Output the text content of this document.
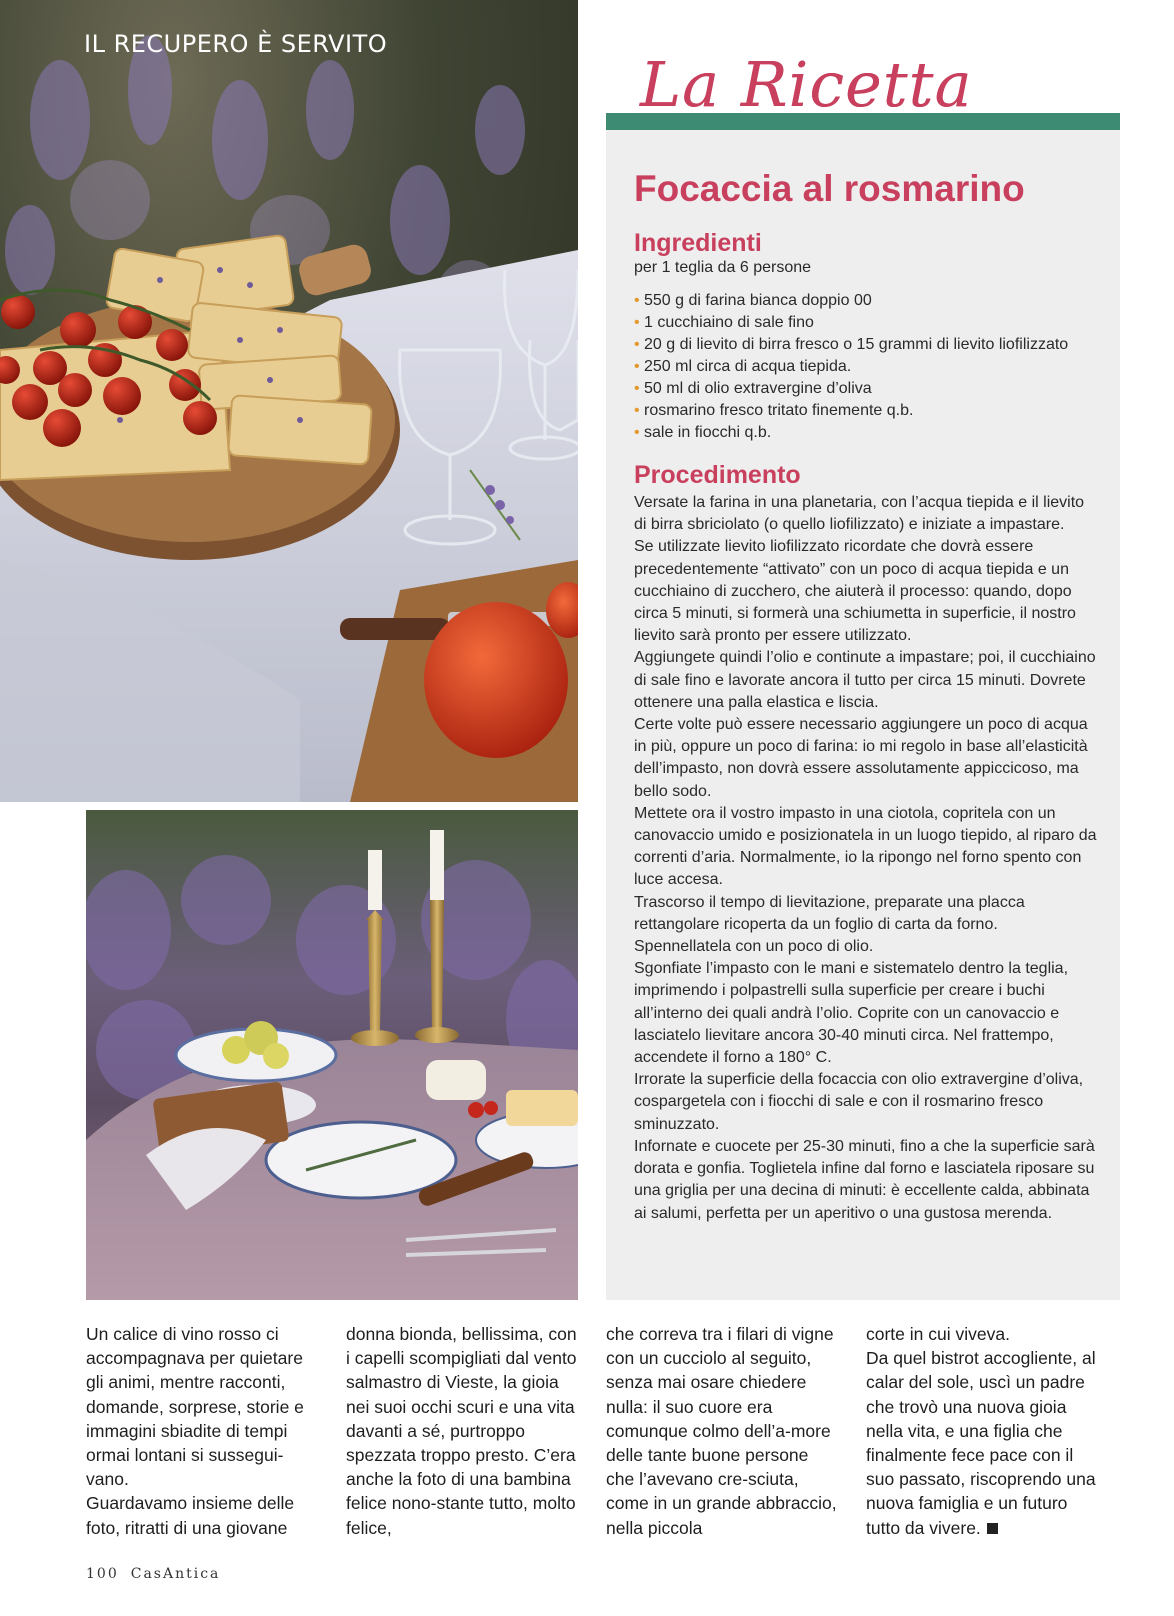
IL RECUPERO È SERVITO
La Ricetta
Focaccia al rosmarino
Ingredienti
per 1 teglia da 6 persone
• 550 g di farina bianca doppio 00
• 1 cucchiaino di sale fino
• 20 g di lievito di birra fresco o 15 grammi di lievito liofilizzato
• 250 ml circa di acqua tiepida.
• 50 ml di olio extravergine d’oliva
• rosmarino fresco tritato finemente q.b.
• sale in fiocchi q.b.
Procedimento

Versate la farina in una planetaria, con l’acqua tiepida e il lievito di birra sbriciolato (o quello liofilizzato) e iniziate a impastare.

Se utilizzate lievito liofilizzato ricordate che dovrà essere precedentemente “attivato” con un poco di acqua tiepida e un cucchiaino di zucchero, che aiuterà il processo: quando, dopo circa 5 minuti, si formerà una schiumetta in superficie, il nostro lievito sarà pronto per essere utilizzato.

Aggiungete quindi l’olio e continute a impastare; poi, il cucchiaino di sale fino e lavorate ancora il tutto per circa 15 minuti. Dovrete ottenere una palla elastica e liscia.

Certe volte può essere necessario aggiungere un poco di acqua in più, oppure un poco di farina: io mi regolo in base all’elasticità dell’impasto, non dovrà essere assolutamente appiccicoso, ma bello sodo.

Mettete ora il vostro impasto in una ciotola, copritela con un canovaccio umido e posizionatela in un luogo tiepido, al riparo da correnti d’aria. Normalmente, io la ripongo nel forno spento con luce accesa.

Trascorso il tempo di lievitazione, preparate una placca rettangolare ricoperta da un foglio di carta da forno. Spennellatela con un poco di olio.

Sgonfiate l’impasto con le mani e sistematelo dentro la teglia, imprimendo i polpastrelli sulla superficie per creare i buchi all’interno dei quali andrà l’olio. Coprite con un canovaccio e lasciatelo lievitare ancora 30-40 minuti circa. Nel frattempo, accendete il forno a 180° C.

Irrorate la superficie della focaccia con olio extravergine d’oliva, cospargetela con i fiocchi di sale e con il rosmarino fresco sminuzzato.

Infornate e cuocete per 25-30 minuti, fino a che la superficie sarà dorata e gonfia. Toglietela infine dal forno e lasciatela riposare su una griglia per una decina di minuti: è eccellente calda, abbinata ai salumi, perfetta per un aperitivo o una gustosa merenda.

Un calice di vino rosso ci accompagnava per quietare gli animi, mentre racconti, domande, sorprese, storie e immagini sbiadite di tempi ormai lontani si sussegui-vano.

Guardavamo insieme delle foto, ritratti di una giovane

donna bionda, bellissima, con i capelli scompigliati dal vento salmastro di Vieste, la gioia nei suoi occhi scuri e una vita davanti a sé, purtroppo spezzata troppo presto. C’era anche la foto di una bambina felice nono-stante tutto, molto felice,

che correva tra i filari di vigne con un cucciolo al seguito, senza mai osare chiedere nulla: il suo cuore era comunque colmo dell’a-more delle tante buone persone che l’avevano cre-sciuta, come in un grande abbraccio, nella piccola

corte in cui viveva.

Da quel bistrot accogliente, al calar del sole, uscì un padre che trovò una nuova gioia nella vita, e una figlia che finalmente fece pace con il suo passato, riscoprendo una nuova famiglia e un futuro tutto da vivere.

100 CasAntica
